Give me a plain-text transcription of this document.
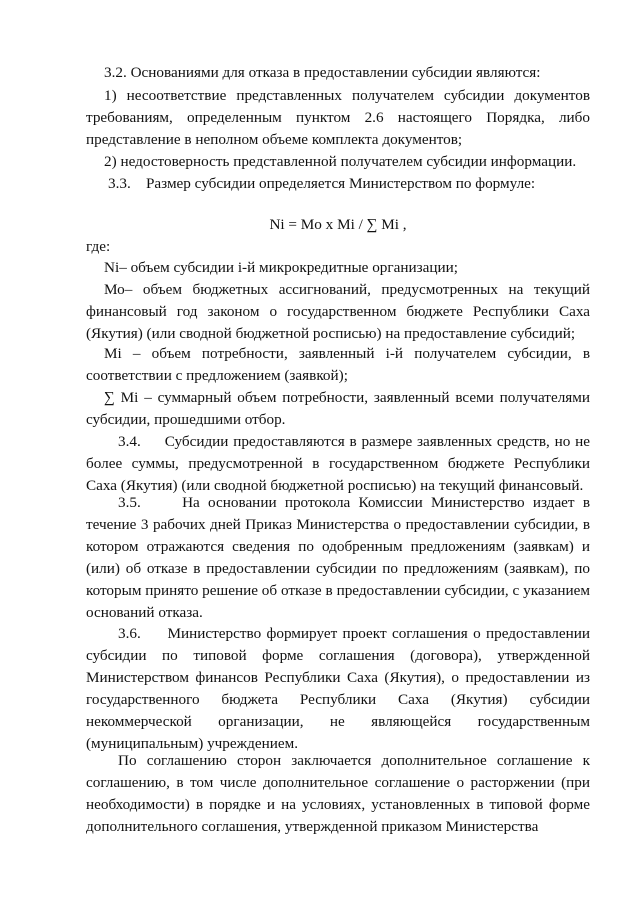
3.2. Основаниями для отказа в предоставлении субсидии являются:

1) несоответствие представленных получателем субсидии документов требованиям, определенным пунктом 2.6 настоящего Порядка, либо представление в неполном объеме комплекта документов;

2) недостоверность представленной получателем субсидии информации.

3.3.    Размер субсидии определяется Министерством по формуле:

Ni = Mo x Mi / ∑ Mi ,

где:

Ni– объем субсидии i-й микрокредитные организации;

Мо– объем бюджетных ассигнований, предусмотренных на текущий финансовый год законом о государственном бюджете Республики Саха (Якутия) (или сводной бюджетной росписью) на предоставление субсидий;

Mi – объем потребности, заявленный i-й получателем субсидии, в соответствии с предложением (заявкой);

∑ Mi – суммарный объем потребности, заявленный всеми получателями субсидии, прошедшими отбор.

3.4.     Субсидии предоставляются в размере заявленных средств, но не более суммы, предусмотренной в государственном бюджете Республики Саха (Якутия) (или сводной бюджетной росписью) на текущий финансовый.

3.5.     На основании протокола Комиссии Министерство издает в течение 3 рабочих дней Приказ Министерства о предоставлении субсидии, в котором отражаются сведения по одобренным предложениям (заявкам) и (или) об отказе в предоставлении субсидии по предложениям (заявкам), по которым принято решение об отказе в предоставлении субсидии, с указанием оснований отказа.

3.6.     Министерство формирует проект соглашения о предоставлении субсидии по типовой форме соглашения (договора), утвержденной Министерством финансов Республики Саха (Якутия), о предоставлении из государственного бюджета Республики Саха (Якутия) субсидии некоммерческой организации, не являющейся государственным (муниципальным) учреждением.

По соглашению сторон заключается дополнительное соглашение к соглашению, в том числе дополнительное соглашение о расторжении (при необходимости) в порядке и на условиях, установленных в типовой форме дополнительного соглашения, утвержденной приказом Министерства
